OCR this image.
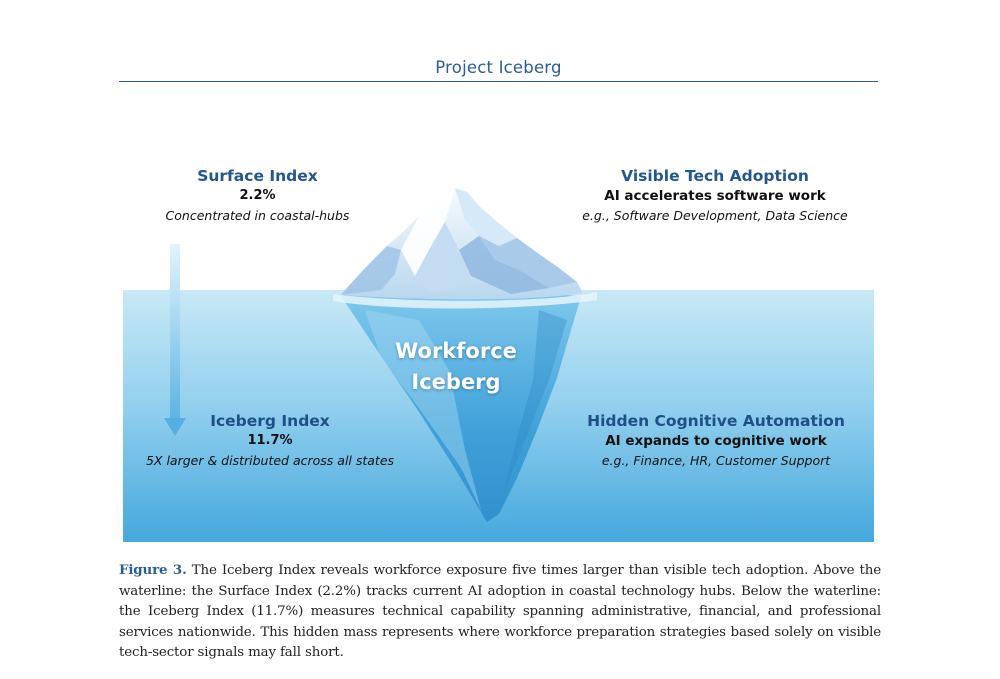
Project Iceberg
Surface Index
2.2%
Concentrated in coastal-hubs
Visible Tech Adoption
AI accelerates software work
e.g., Software Development, Data Science
Workforce
Iceberg
Iceberg Index
11.7%
5X larger & distributed across all states
Hidden Cognitive Automation
AI expands to cognitive work
e.g., Finance, HR, Customer Support
Figure 3. The Iceberg Index reveals workforce exposure five times larger than visible tech adoption. Above the waterline: the Surface Index (2.2%) tracks current AI adoption in coastal technology hubs. Below the waterline: the Iceberg Index (11.7%) measures technical capability spanning administrative, financial, and professional services nationwide. This hidden mass represents where workforce preparation strategies based solely on visible tech-sector signals may fall short.
